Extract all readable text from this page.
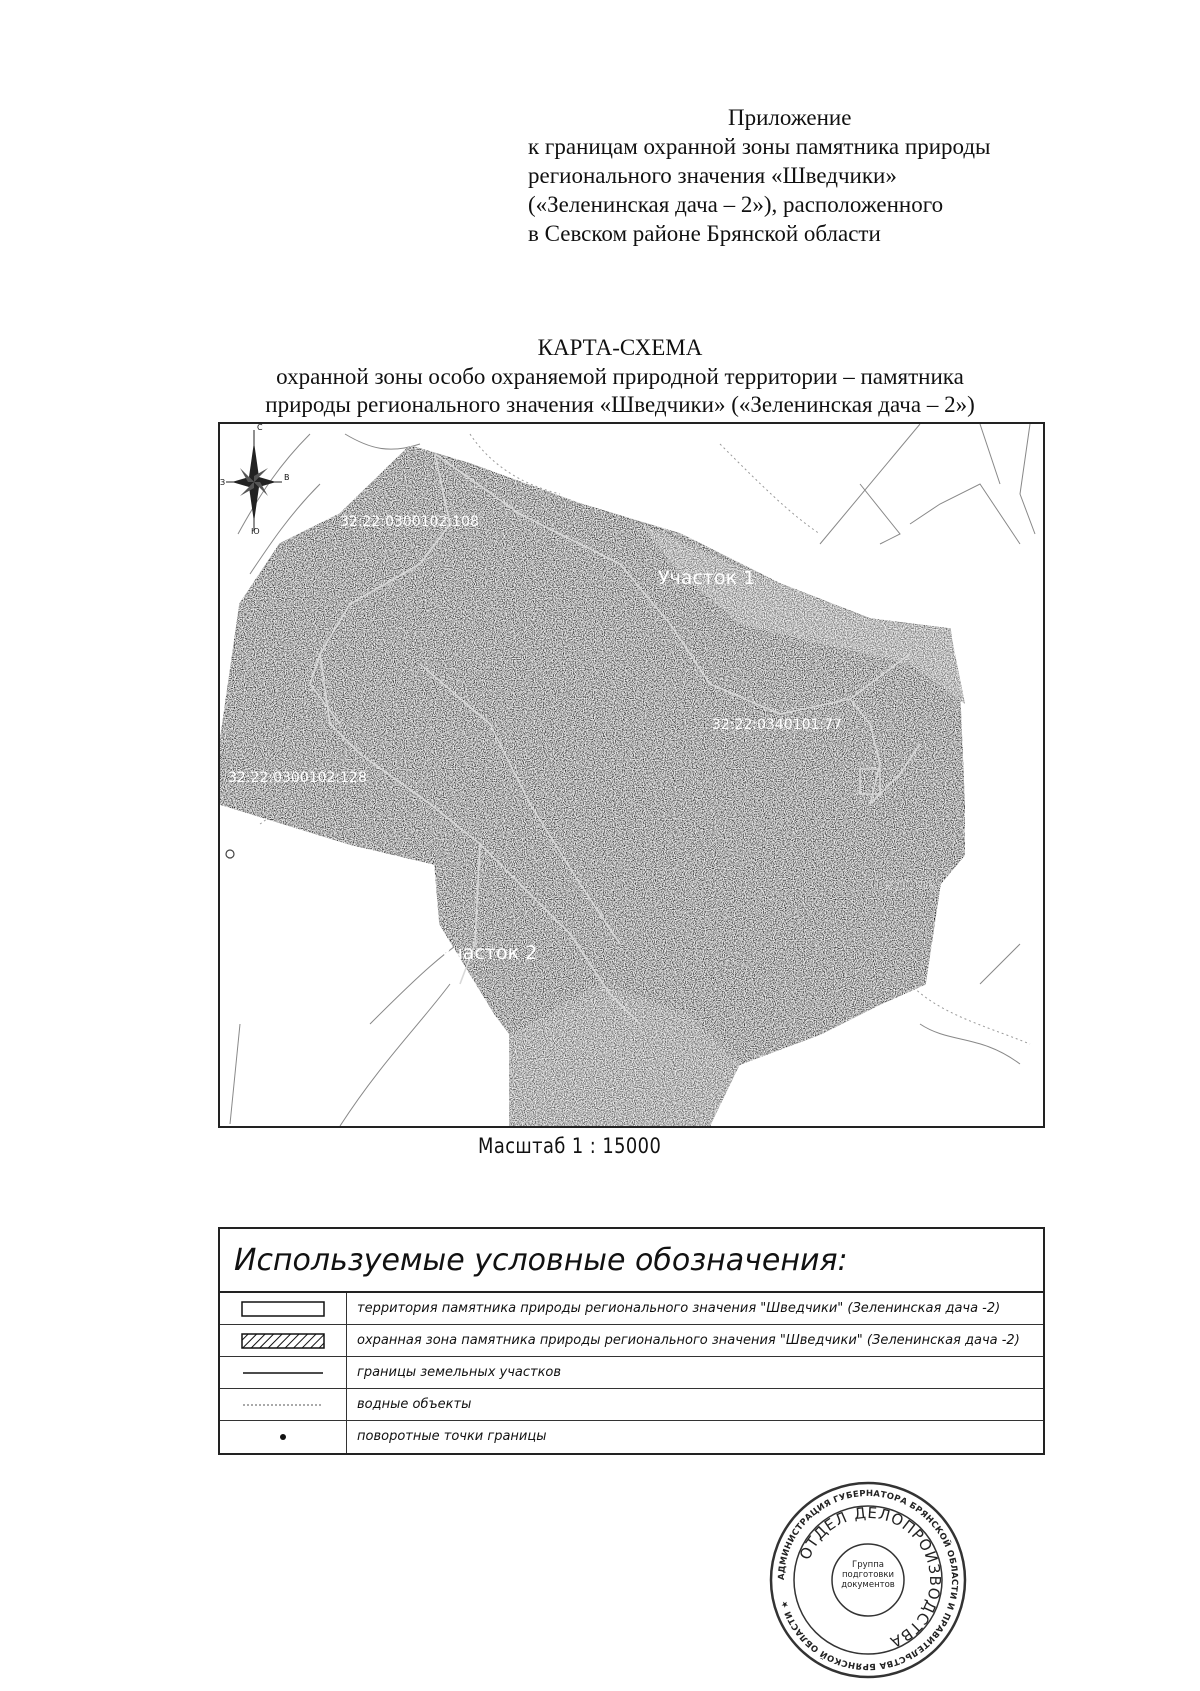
Приложение
к границам охранной зоны памятника природы
регионального значения «Шведчики»
(«Зеленинская дача – 2»), расположенного
в Севском районе Брянской области
КАРТА-СХЕМА
охранной зоны особо охраняемой природной территории – памятника
природы регионального значения «Шведчики» («Зеленинская дача – 2»)
С
Ю
З
В
32:22:0300102:108
32:22:0300102:128
32:22:0340101:77
Участок 1
Участок 2
Трехложье
Масштаб 1 : 15000
Используемые условные обозначения:
территория памятника природы регионального значения "Шведчики" (Зеленинская дача -2)
охранная зона памятника природы регионального значения "Шведчики" (Зеленинская дача -2)
границы земельных участков
водные объекты
поворотные точки границы
АДМИНИСТРАЦИЯ ГУБЕРНАТОРА БРЯНСКОЙ ОБЛАСТИ И ПРАВИТЕЛЬСТВА БРЯНСКОЙ ОБЛАСТИ ★
ОТДЕЛ ДЕЛОПРОИЗВОДСТВА
Группа подготовки документов
